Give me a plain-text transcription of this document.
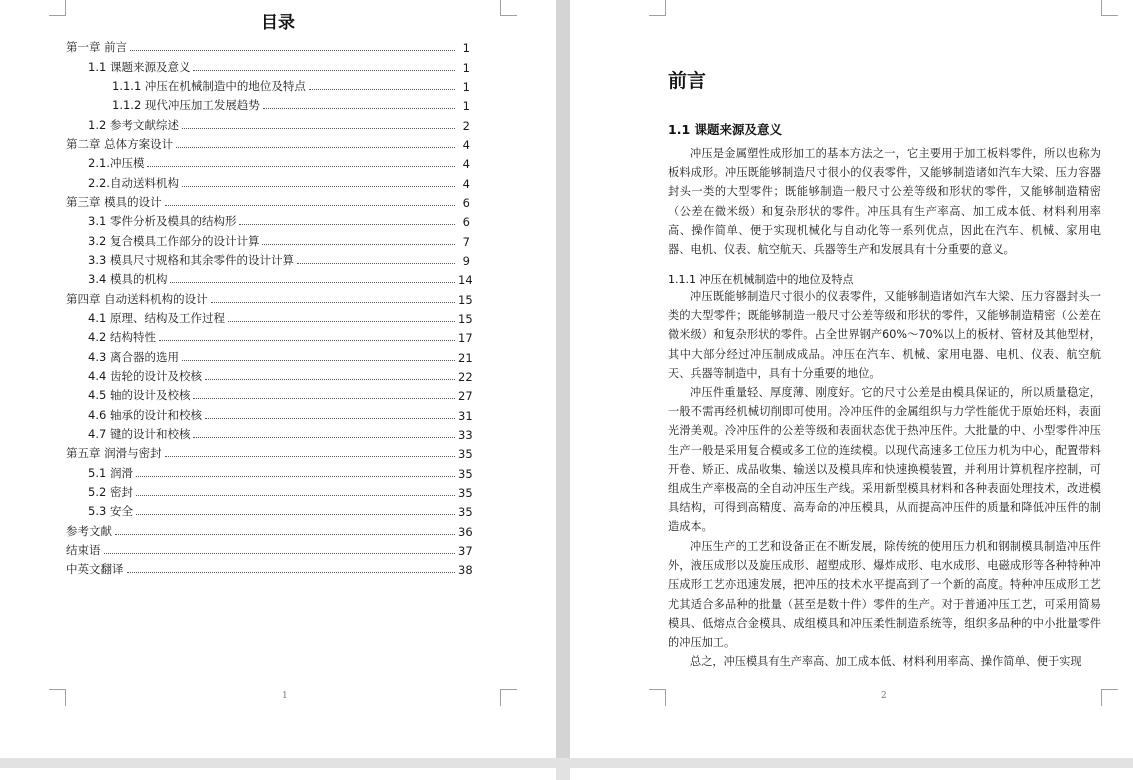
目录
第一章 前言	1
1.1 课题来源及意义	1
1.1.1 冲压在机械制造中的地位及特点	1
1.1.2 现代冲压加工发展趋势	1
1.2 参考文献综述	2
第二章 总体方案设计	4
2.1.冲压模	4
2.2.自动送料机构	4
第三章 模具的设计	6
3.1 零件分析及模具的结构形	6
3.2 复合模具工作部分的设计计算	7
3.3 模具尺寸规格和其余零件的设计计算	9
3.4 模具的机构	14
第四章 自动送料机构的设计	15
4.1 原理、结构及工作过程	15
4.2 结构特性	17
4.3 离合器的选用	21
4.4 齿轮的设计及校核	22
4.5 轴的设计及校核	27
4.6 轴承的设计和校核	31
4.7 键的设计和校核	33
第五章 润滑与密封	35
5.1 润滑	35
5.2 密封	35
5.3 安全	35
参考文献	36
结束语	37
中英文翻译	38
1
前言
1.1 课题来源及意义

冲压是金属塑性成形加工的基本方法之一，它主要用于加工板料零件，所以也称为板料成形。冲压既能够制造尺寸很小的仪表零件，又能够制造诸如汽车大梁、压力容器封头一类的大型零件；既能够制造一般尺寸公差等级和形状的零件，又能够制造精密（公差在微米级）和复杂形状的零件。冲压具有生产率高、加工成本低、材料利用率高、操作简单、便于实现机械化与自动化等一系列优点，因此在汽车、机械、家用电器、电机、仪表、航空航天、兵器等生产和发展具有十分重要的意义。

1.1.1 冲压在机械制造中的地位及特点

冲压既能够制造尺寸很小的仪表零件，又能够制造诸如汽车大梁、压力容器封头一类的大型零件；既能够制造一般尺寸公差等级和形状的零件，又能够制造精密（公差在微米级）和复杂形状的零件。占全世界钢产60%～70%以上的板材、管材及其他型材，其中大部分经过冲压制成成品。冲压在汽车、机械、家用电器、电机、仪表、航空航天、兵器等制造中，具有十分重要的地位。

冲压件重量轻、厚度薄、刚度好。它的尺寸公差是由模具保证的，所以质量稳定，一般不需再经机械切削即可使用。冷冲压件的金属组织与力学性能优于原始坯料，表面光滑美观。冷冲压件的公差等级和表面状态优于热冲压件。大批量的中、小型零件冲压生产一般是采用复合模或多工位的连续模。以现代高速多工位压力机为中心，配置带料开卷、矫正、成品收集、输送以及模具库和快速换模装置，并利用计算机程序控制，可组成生产率极高的全自动冲压生产线。采用新型模具材料和各种表面处理技术，改进模具结构，可得到高精度、高寿命的冲压模具，从而提高冲压件的质量和降低冲压件的制造成本。

冲压生产的工艺和设备正在不断发展，除传统的使用压力机和钢制模具制造冲压件外，液压成形以及旋压成形、超塑成形、爆炸成形、电水成形、电磁成形等各种特种冲压成形工艺亦迅速发展，把冲压的技术水平提高到了一个新的高度。特种冲压成形工艺尤其适合多品种的批量（甚至是数十件）零件的生产。对于普通冲压工艺，可采用简易模具、低熔点合金模具、成组模具和冲压柔性制造系统等，组织多品种的中小批量零件的冲压加工。

总之，冲压模具有生产率高、加工成本低、材料利用率高、操作简单、便于实现

2
